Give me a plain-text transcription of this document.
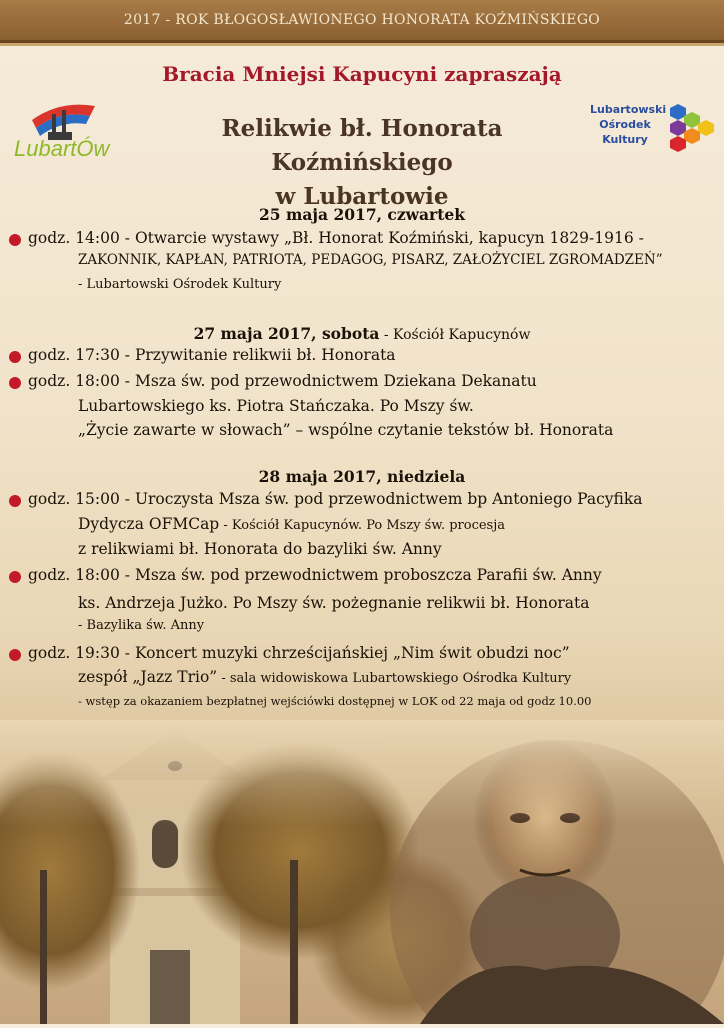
2017 - ROK BŁOGOSŁAWIONEGO HONORATA KOŹMIŃSKIEGO
LubartÓw
Lubartowski
Ośrodek
Kultury
Bracia Mniejsi Kapucyni zapraszają
Relikwie bł. Honorata Koźmińskiego
w Lubartowie
25 maja 2017, czwartek
godz. 14:00 - Otwarcie wystawy „Bł. Honorat Koźmiński, kapucyn 1829-1916 -
ZAKONNIK, KAPŁAN, PATRIOTA, PEDAGOG, PISARZ, ZAŁOŻYCIEL ZGROMADZEŃ”
- Lubartowski Ośrodek Kultury
27 maja 2017, sobota - Kościół Kapucynów
godz. 17:30 - Przywitanie relikwii bł. Honorata
godz. 18:00 - Msza św. pod przewodnictwem Dziekana Dekanatu
Lubartowskiego ks. Piotra Stańczaka. Po Mszy św.
„Życie zawarte w słowach” – wspólne czytanie tekstów bł. Honorata
28 maja 2017, niedziela
godz. 15:00 - Uroczysta Msza św. pod przewodnictwem bp Antoniego Pacyfika
Dydycza OFMCap - Kościół Kapucynów. Po Mszy św. procesja
z relikwiami bł. Honorata do bazyliki św. Anny
godz. 18:00 - Msza św. pod przewodnictwem proboszcza Parafii św. Anny
ks. Andrzeja Jużko. Po Mszy św. pożegnanie relikwii bł. Honorata
- Bazylika św. Anny
godz. 19:30 - Koncert muzyki chrześcijańskiej „Nim świt obudzi noc”
zespół „Jazz Trio” - sala widowiskowa Lubartowskiego Ośrodka Kultury
- wstęp za okazaniem bezpłatnej wejściówki dostępnej w LOK od 22 maja od godz 10.00
